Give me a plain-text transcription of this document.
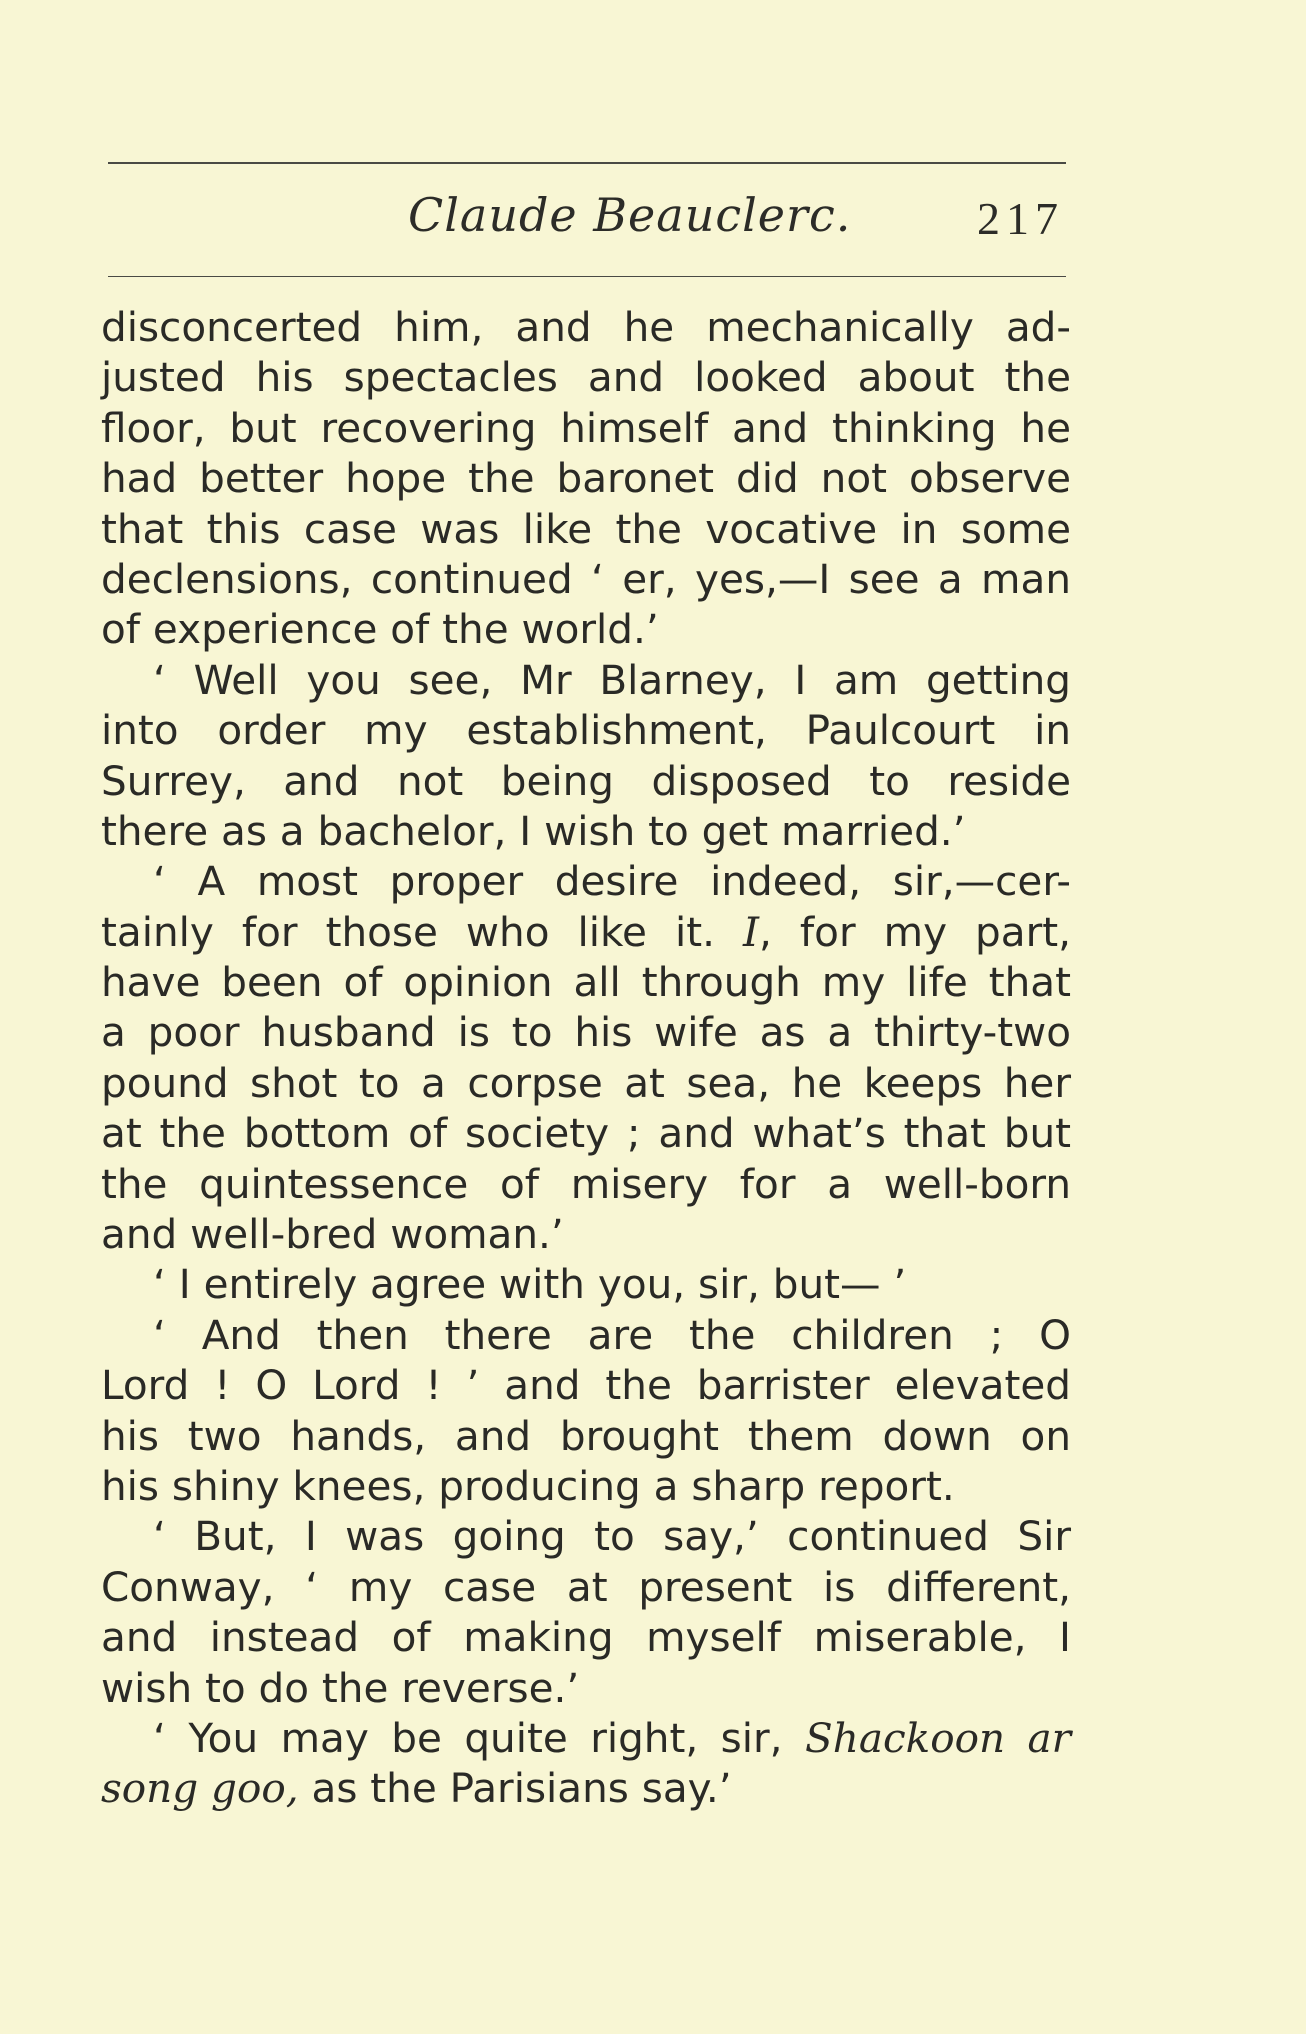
Claude Beauclerc.	217
disconcerted him, and he mechanically ad-
justed his spectacles and looked about the
floor, but recovering himself and thinking he
had better hope the baronet did not observe
that this case was like the vocative in some
declensions, continued ‘ er, yes,—I see a man
of experience of the world.’
‘ Well you see, Mr Blarney, I am getting
into order my establishment, Paulcourt in
Surrey, and not being disposed to reside
there as a bachelor, I wish to get married.’
‘ A most proper desire indeed, sir,—cer-
tainly for those who like it. I, for my part,
have been of opinion all through my life that
a poor husband is to his wife as a thirty-two
pound shot to a corpse at sea, he keeps her
at the bottom of society ; and what’s that but
the quintessence of misery for a well-born
and well-bred woman.’
‘ I entirely agree with you, sir, but— ’
‘ And then there are the children ; O
Lord ! O Lord ! ’ and the barrister elevated
his two hands, and brought them down on
his shiny knees, producing a sharp report.
‘ But, I was going to say,’ continued Sir
Conway, ‘ my case at present is different,
and instead of making myself miserable, I
wish to do the reverse.’
‘ You may be quite right, sir, Shackoon ar
song goo, as the Parisians say.’
